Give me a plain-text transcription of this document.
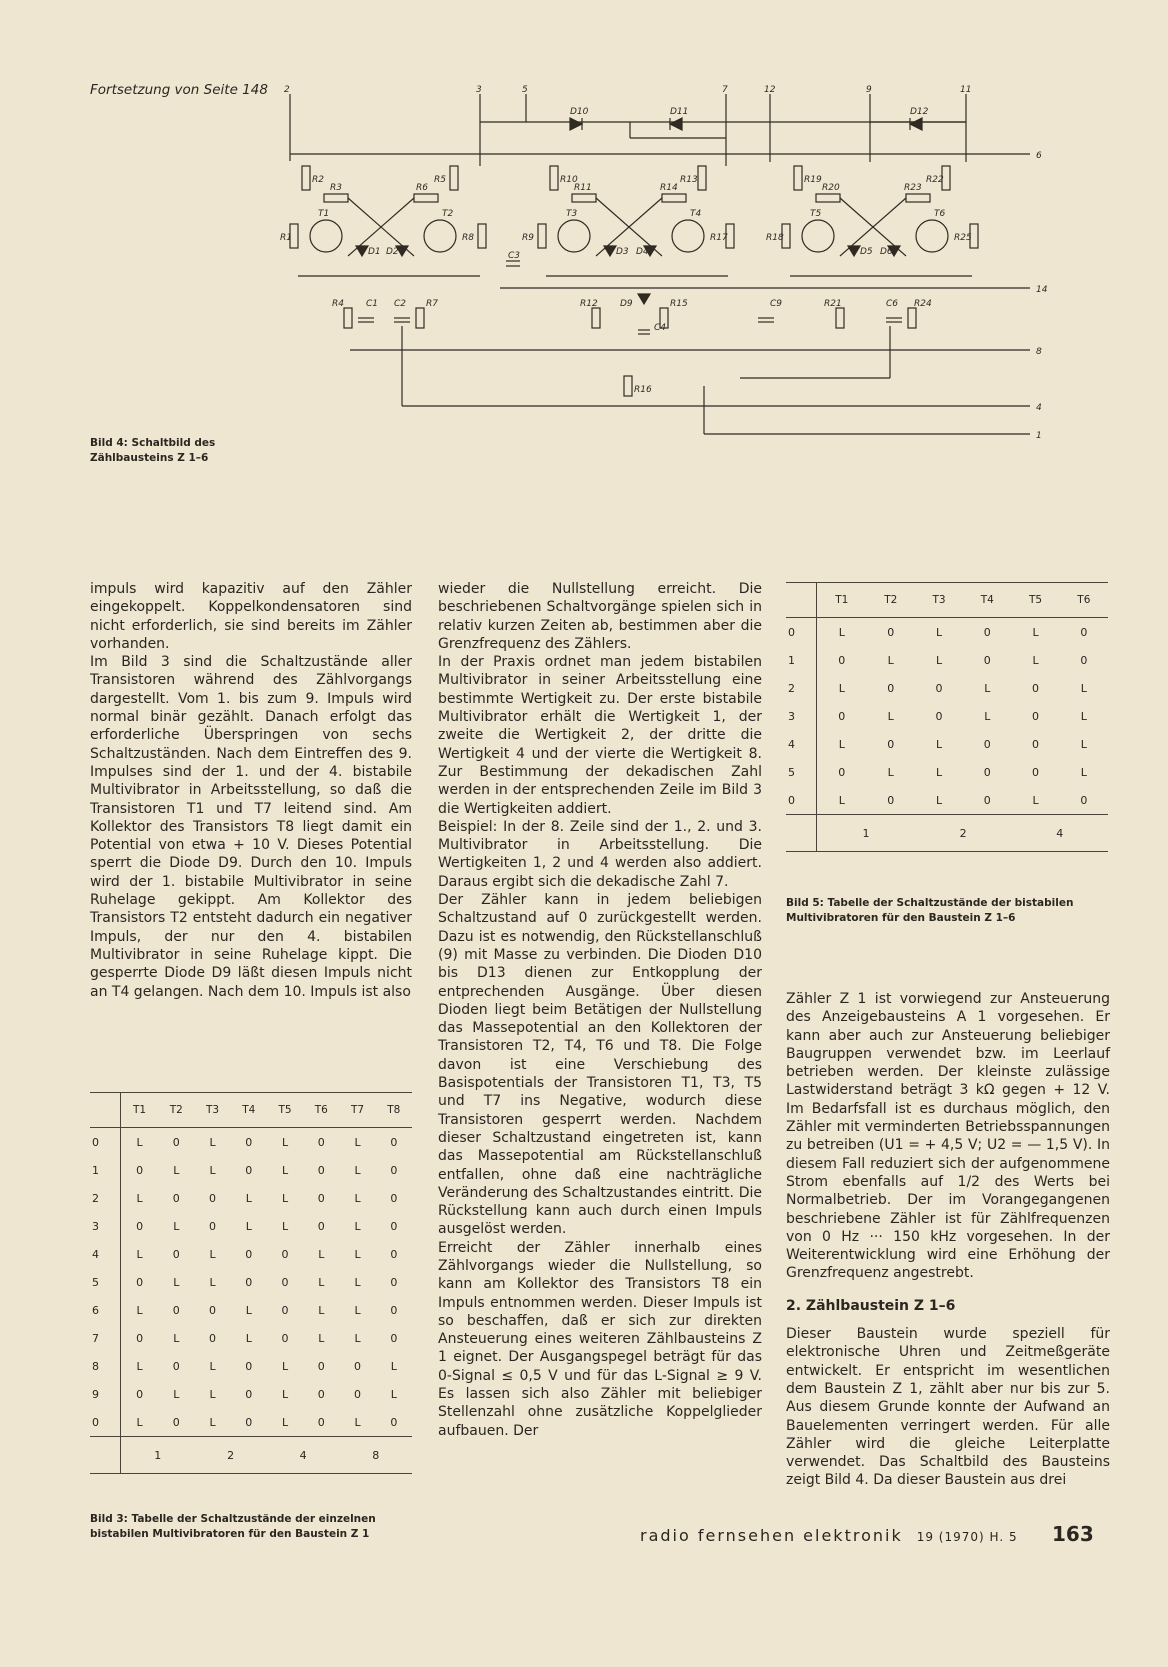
Fortsetzung von Seite 148 2	3	5	7	12	9	11
6
14
8
4
1
R2
R3
R5
R6
T1	T2
R1	R8
D1 D2
R4 C1 C2 R7
R10	R13
R11	R14
T3	T4
R9	R17
C3	D3 D4
R12 D9	R15
C4
R16
D10	D11	D12
R19	R22
R20	R23
T5	T6
R18	R25
D5 D6
C9	R21	C6 R24
Bild 4: Schaltbild des
Zählbausteins Z 1–6

impuls wird kapazitiv auf den Zähler eingekoppelt. Koppelkondensatoren sind nicht erforderlich, sie sind bereits im Zähler vorhanden.

Im Bild 3 sind die Schaltzustände aller Transistoren während des Zählvorgangs dargestellt. Vom 1. bis zum 9. Impuls wird normal binär gezählt. Danach erfolgt das erforderliche Überspringen von sechs Schaltzuständen. Nach dem Eintreffen des 9. Impulses sind der 1. und der 4. bistabile Multivibrator in Arbeitsstellung, so daß die Transistoren T1 und T7 leitend sind. Am Kollektor des Transistors T8 liegt damit ein Potential von etwa + 10 V. Dieses Potential sperrt die Diode D9. Durch den 10. Impuls wird der 1. bistabile Multivibrator in seine Ruhelage gekippt. Am Kollektor des Transistors T2 entsteht dadurch ein negativer Impuls, der nur den 4. bistabilen Multivibrator in seine Ruhelage kippt. Die gesperrte Diode D9 läßt diesen Impuls nicht an T4 gelangen. Nach dem 10. Impuls ist also

	T1	T2	T3	T4	T5	T6	T7	T8
0	L	0	L	0	L	0	L	0
1	0	L	L	0	L	0	L	0
2	L	0	0	L	L	0	L	0
3	0	L	0	L	L	0	L	0
4	L	0	L	0	0	L	L	0
5	0	L	L	0	0	L	L	0
6	L	0	0	L	0	L	L	0
7	0	L	0	L	0	L	L	0
8	L	0	L	0	L	0	0	L
9	0	L	L	0	L	0	0	L
0	L	0	L	0	L	0	L	0
	1		2		4		8	
Bild 3: Tabelle der Schaltzustände der einzelnen
bistabilen Multivibratoren für den Baustein Z 1

wieder die Nullstellung erreicht. Die beschriebenen Schaltvorgänge spielen sich in relativ kurzen Zeiten ab, bestimmen aber die Grenzfrequenz des Zählers.

In der Praxis ordnet man jedem bistabilen Multivibrator in seiner Arbeitsstellung eine bestimmte Wertigkeit zu. Der erste bistabile Multivibrator erhält die Wertigkeit 1, der zweite die Wertigkeit 2, der dritte die Wertigkeit 4 und der vierte die Wertigkeit 8. Zur Bestimmung der dekadischen Zahl werden in der entsprechenden Zeile im Bild 3 die Wertigkeiten addiert.

Beispiel: In der 8. Zeile sind der 1., 2. und 3. Multivibrator in Arbeitsstellung. Die Wertigkeiten 1, 2 und 4 werden also addiert. Daraus ergibt sich die dekadische Zahl 7.

Der Zähler kann in jedem beliebigen Schaltzustand auf 0 zurückgestellt werden. Dazu ist es notwendig, den Rückstellanschluß (9) mit Masse zu verbinden. Die Dioden D10 bis D13 dienen zur Entkopplung der entprechenden Ausgänge. Über diesen Dioden liegt beim Betätigen der Nullstellung das Massepotential an den Kollektoren der Transistoren T2, T4, T6 und T8. Die Folge davon ist eine Verschiebung des Basispotentials der Transistoren T1, T3, T5 und T7 ins Negative, wodurch diese Transistoren gesperrt werden. Nachdem dieser Schaltzustand eingetreten ist, kann das Massepotential am Rückstellanschluß entfallen, ohne daß eine nachträgliche Veränderung des Schaltzustandes eintritt. Die Rückstellung kann auch durch einen Impuls ausgelöst werden.

Erreicht der Zähler innerhalb eines Zählvorgangs wieder die Nullstellung, so kann am Kollektor des Transistors T8 ein Impuls entnommen werden. Dieser Impuls ist so beschaffen, daß er sich zur direkten Ansteuerung eines weiteren Zählbausteins Z 1 eignet. Der Ausgangspegel beträgt für das 0-Signal ≤ 0,5 V und für das L-Signal ≥ 9 V. Es lassen sich also Zähler mit beliebiger Stellenzahl ohne zusätzliche Koppelglieder aufbauen. Der

	T1	T2	T3	T4	T5	T6
0	L	0	L	0	L	0
1	0	L	L	0	L	0
2	L	0	0	L	0	L
3	0	L	0	L	0	L
4	L	0	L	0	0	L
5	0	L	L	0	0	L
0	L	0	L	0	L	0
	1		2		4	
Bild 5: Tabelle der Schaltzustände der bistabilen
Multivibratoren für den Baustein Z 1–6

Zähler Z 1 ist vorwiegend zur Ansteuerung des Anzeigebausteins A 1 vorgesehen. Er kann aber auch zur Ansteuerung beliebiger Baugruppen verwendet bzw. im Leerlauf betrieben werden. Der kleinste zulässige Lastwiderstand beträgt 3 kΩ gegen + 12 V. Im Bedarfsfall ist es durchaus möglich, den Zähler mit verminderten Betriebsspannungen zu betreiben (U1 = + 4,5 V; U2 = — 1,5 V). In diesem Fall reduziert sich der aufgenommene Strom ebenfalls auf 1/2 des Werts bei Normalbetrieb. Der im Vorangegangenen beschriebene Zähler ist für Zählfrequenzen von 0 Hz ··· 150 kHz vorgesehen. In der Weiterentwicklung wird eine Erhöhung der Grenzfrequenz angestrebt.

2. Zählbaustein Z 1–6

Dieser Baustein wurde speziell für elektronische Uhren und Zeitmeßgeräte entwickelt. Er entspricht im wesentlichen dem Baustein Z 1, zählt aber nur bis zur 5. Aus diesem Grunde konnte der Aufwand an Bauelementen verringert werden. Für alle Zähler wird die gleiche Leiterplatte verwendet. Das Schaltbild des Bausteins zeigt Bild 4. Da dieser Baustein aus drei

radio fernsehen elektronik 19 (1970) H. 5 163
